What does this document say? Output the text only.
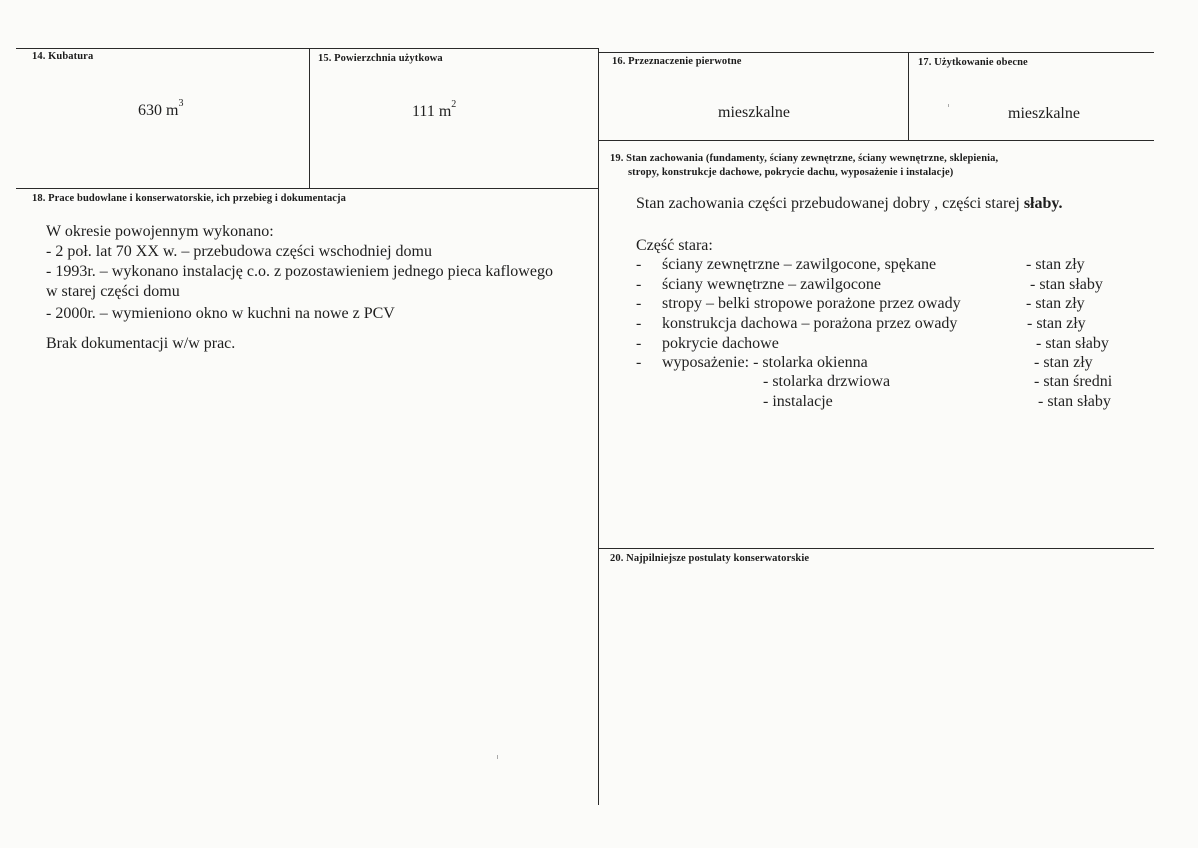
14. Kubatura
630 $m^3$
15. Powierzchnia użytkowa
111 $m^2$
16. Przeznaczenie pierwotne
mieszkalne
17. Użytkowanie obecne
mieszkalne
18. Prace budowlane i konserwatorskie, ich przebieg i dokumentacja

W okresie powojennym wykonano:

- 2 poł. lat 70 XX w. – przebudowa części wschodniej domu

- 1993r. – wykonano instalację c.o. z pozostawieniem jednego pieca kaflowego

w starej części domu

- 2000r. – wymieniono okno w kuchni na nowe z PCV

Brak dokumentacji w/w prac.

19. Stan zachowania (fundamenty, ściany zewnętrzne, ściany wewnętrzne, sklepienia,
stropy, konstrukcje dachowe, pokrycie dachu, wyposażenie i instalacje)
Stan zachowania części przebudowanej dobry , części starej słaby.
Część stara:
- ściany zewnętrzne – zawilgocone, spękane	- stan zły
- ściany wewnętrzne – zawilgocone	- stan słaby
- stropy – belki stropowe porażone przez owady	- stan zły
- konstrukcja dachowa – porażona przez owady	- stan zły
- pokrycie dachowe	- stan słaby
- wyposażenie: - stolarka okienna	- stan zły
- stolarka drzwiowa	- stan średni
- instalacje	- stan słaby
20. Najpilniejsze postulaty konserwatorskie
